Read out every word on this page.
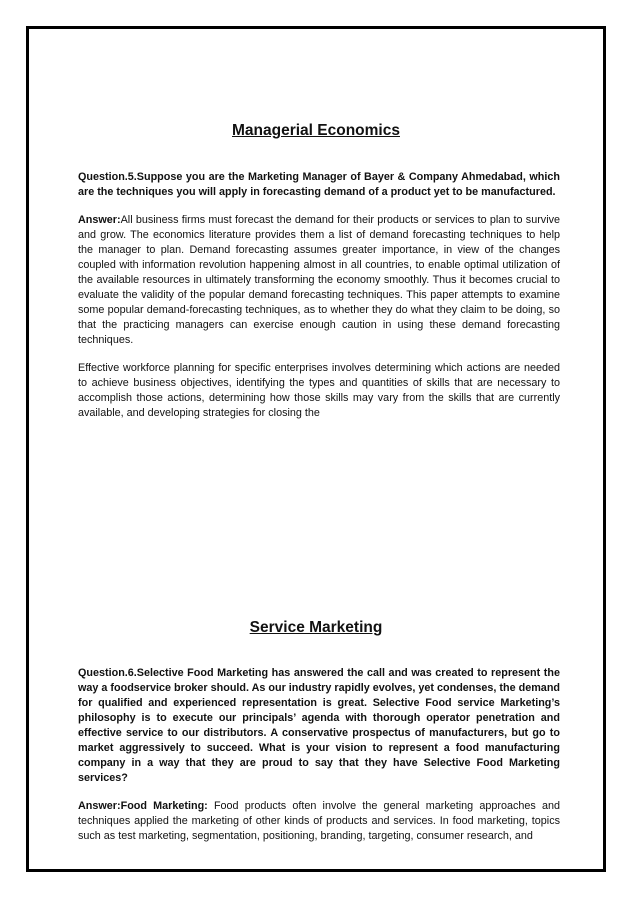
Managerial Economics

Question.5.Suppose you are the Marketing Manager of Bayer & Company Ahmedabad, which are the techniques you will apply in forecasting demand of a product yet to be manufactured.

Answer:All business firms must forecast the demand for their products or services to plan to survive and grow. The economics literature provides them a list of demand forecasting techniques to help the manager to plan. Demand forecasting assumes greater importance, in view of the changes coupled with information revolution happening almost in all countries, to enable optimal utilization of the available resources in ultimately transforming the economy smoothly. Thus it becomes crucial to evaluate the validity of the popular demand forecasting techniques. This paper attempts to examine some popular demand-forecasting techniques, as to whether they do what they claim to be doing, so that the practicing managers can exercise enough caution in using these demand forecasting techniques.

Effective workforce planning for specific enterprises involves determining which actions are needed to achieve business objectives, identifying the types and quantities of skills that are necessary to accomplish those actions, determining how those skills may vary from the skills that are currently available, and developing strategies for closing the

Service Marketing

Question.6.Selective Food Marketing has answered the call and was created to represent the way a foodservice broker should. As our industry rapidly evolves, yet condenses, the demand for qualified and experienced representation is great. Selective Food service Marketing’s philosophy is to execute our principals’ agenda with thorough operator penetration and effective service to our distributors. A conservative prospectus of manufacturers, but go to market aggressively to succeed. What is your vision to represent a food manufacturing company in a way that they are proud to say that they have Selective Food Marketing services?

Answer:Food Marketing: Food products often involve the general marketing approaches and techniques applied the marketing of other kinds of products and services. In food marketing, topics such as test marketing, segmentation, positioning, branding, targeting, consumer research, and
